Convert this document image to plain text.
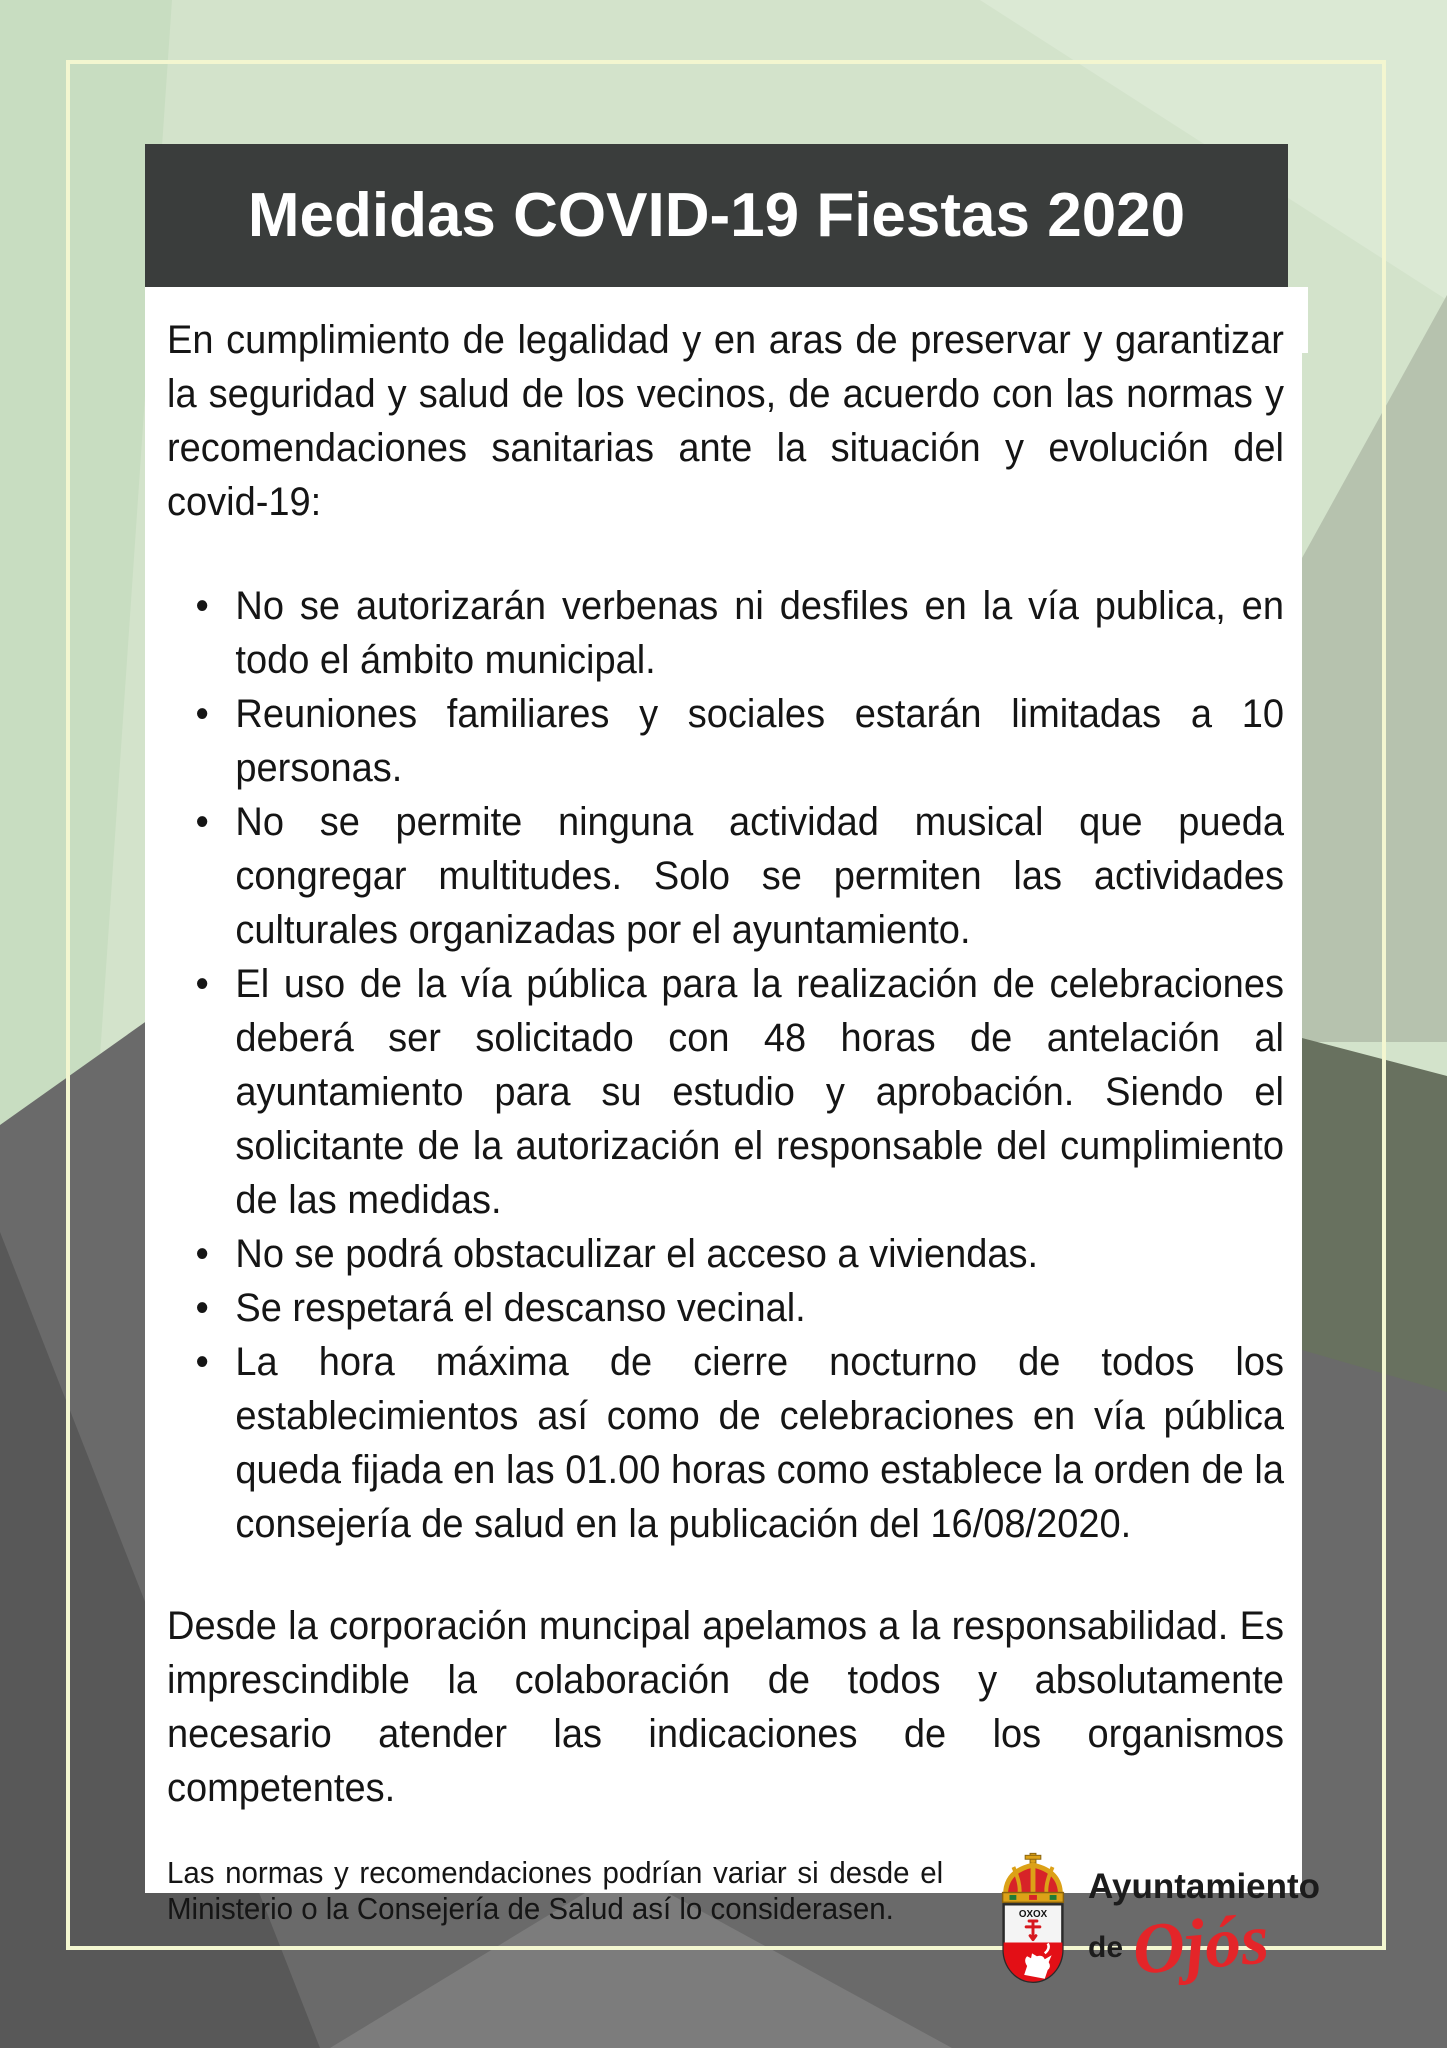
En cumplimiento de legalidad y en aras de preservar y garantizar la seguridad y salud de los vecinos, de acuerdo con las normas y recomendaciones sanitarias ante la situación y evolución del covid-19:

• No se autorizarán verbenas ni desfiles en la vía publica, en todo el ámbito municipal.
• Reuniones familiares y sociales estarán limitadas a 10 personas.
• No se permite ninguna actividad musical que pueda congregar multitudes. Solo se permiten las actividades culturales organizadas por el ayuntamiento.
• El uso de la vía pública para la realización de celebraciones deberá ser solicitado con 48 horas de antelación al ayuntamiento para su estudio y aprobación. Siendo el solicitante de la autorización el responsable del cumplimiento de las medidas.
• No se podrá obstaculizar el acceso a viviendas.
• Se respetará el descanso vecinal.
• La hora máxima de cierre nocturno de todos los establecimientos así como de celebraciones en vía pública queda fijada en las 01.00 horas como establece la orden de la consejería de salud en la publicación del 16/08/2020.

Desde la corporación muncipal apelamos a la responsabilidad. Es imprescindible la colaboración de todos y absolutamente necesario atender las indicaciones de los organismos competentes.

Las normas y recomendaciones podrían variar si desde el Ministerio o la Consejería de Salud así lo considerasen.	OXOX
Ayuntamiento
de Ojós
Medidas COVID-19 Fiestas 2020
